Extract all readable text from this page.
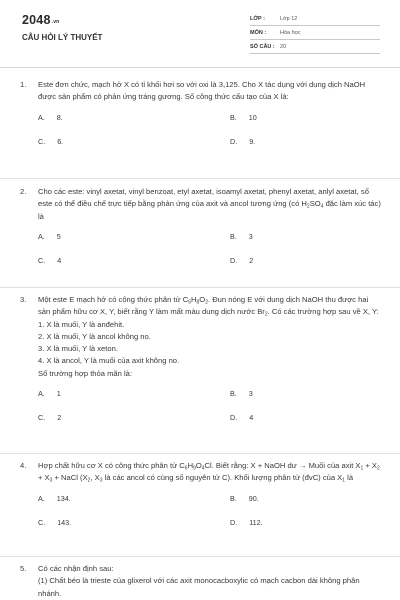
2048.vn
CÂU HỎI LÝ THUYẾT
LỚP :	Lớp 12
MÔN :	Hóa học
SỐ CÂU : 20
1. Este đơn chức, mạch hở X có tỉ khối hơi so với oxi là 3,125. Cho X tác dụng với dung dịch NaOH được sản phẩm có phản ứng tráng gương. Số công thức cấu tạo của X là:
A. 8.	B. 10
C. 6.	D. 9.
2. Cho các este: vinyl axetat, vinyl benzoat, etyl axetat, isoamyl axetat, phenyl axetat, anlyl axetat, số este có thể điều chế trực tiếp bằng phản ứng của axit và ancol tương ứng (có $H_2SO_4$ đặc làm xúc tác) là
A. 5	B. 3
C. 4	D. 2
3. Một este E mạch hở có công thức phân tử $C_5H_8O_2$. Đun nóng E với dung dịch NaOH thu được hai sản phẩm hữu cơ X, Y, biết rằng Y làm mất màu dung dịch nước $Br_2$. Có các trường hợp sau về X, Y:
1. X là muối, Y là anđehit.
2. X là muối, Y là ancol không no.
3. X là muối, Y là xeton.
4. X là ancol, Y là muối của axit không no.
Số trường hợp thỏa mãn là:
A. 1	B. 3
C. 2	D. 4
4. Hợp chất hữu cơ X có công thức phân tử $C_6H_9O_4Cl$. Biết rằng: X + NaOH dư → Muối của axit $X_1 + X_2 + X_3$ + NaCl ($X_2$, $X_3$ là các ancol có cùng số nguyên tử C). Khối lượng phân tử (đvC) của $X_1$ là
A. 134.	B. 90.
C. 143.	D. 112.
5. Có các nhận định sau:
(1) Chất béo là trieste của glixerol với các axit monocacboxylic có mạch cacbon dài không phân nhánh.
